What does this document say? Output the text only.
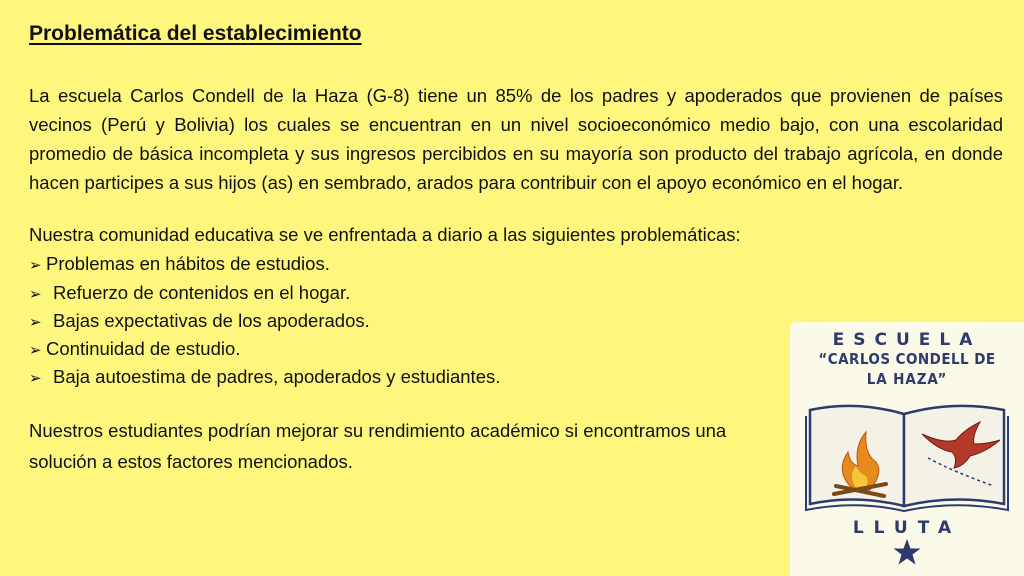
Problemática del establecimiento

La escuela Carlos Condell de la Haza (G-8) tiene un 85% de los padres y apoderados que provienen de países vecinos (Perú y Bolivia) los cuales se encuentran en un nivel socioeconómico medio bajo, con una escolaridad promedio de básica incompleta y sus ingresos percibidos en su mayoría son producto del trabajo agrícola, en donde hacen participes a sus hijos (as) en sembrado, arados para contribuir con el apoyo económico en el hogar.

Nuestra comunidad educativa se ve enfrentada a diario a las siguientes problemáticas:
➢ Problemas en hábitos de estudios.
➢ Refuerzo de contenidos en el hogar.
➢ Bajas expectativas de los apoderados.
➢ Continuidad de estudio.
➢ Baja autoestima de padres, apoderados y estudiantes.

Nuestros estudiantes podrían mejorar su rendimiento académico si encontramos una solución a estos factores mencionados.

ESCUELA
“CARLOS CONDELL DE
LA HAZA”
LLUTA
